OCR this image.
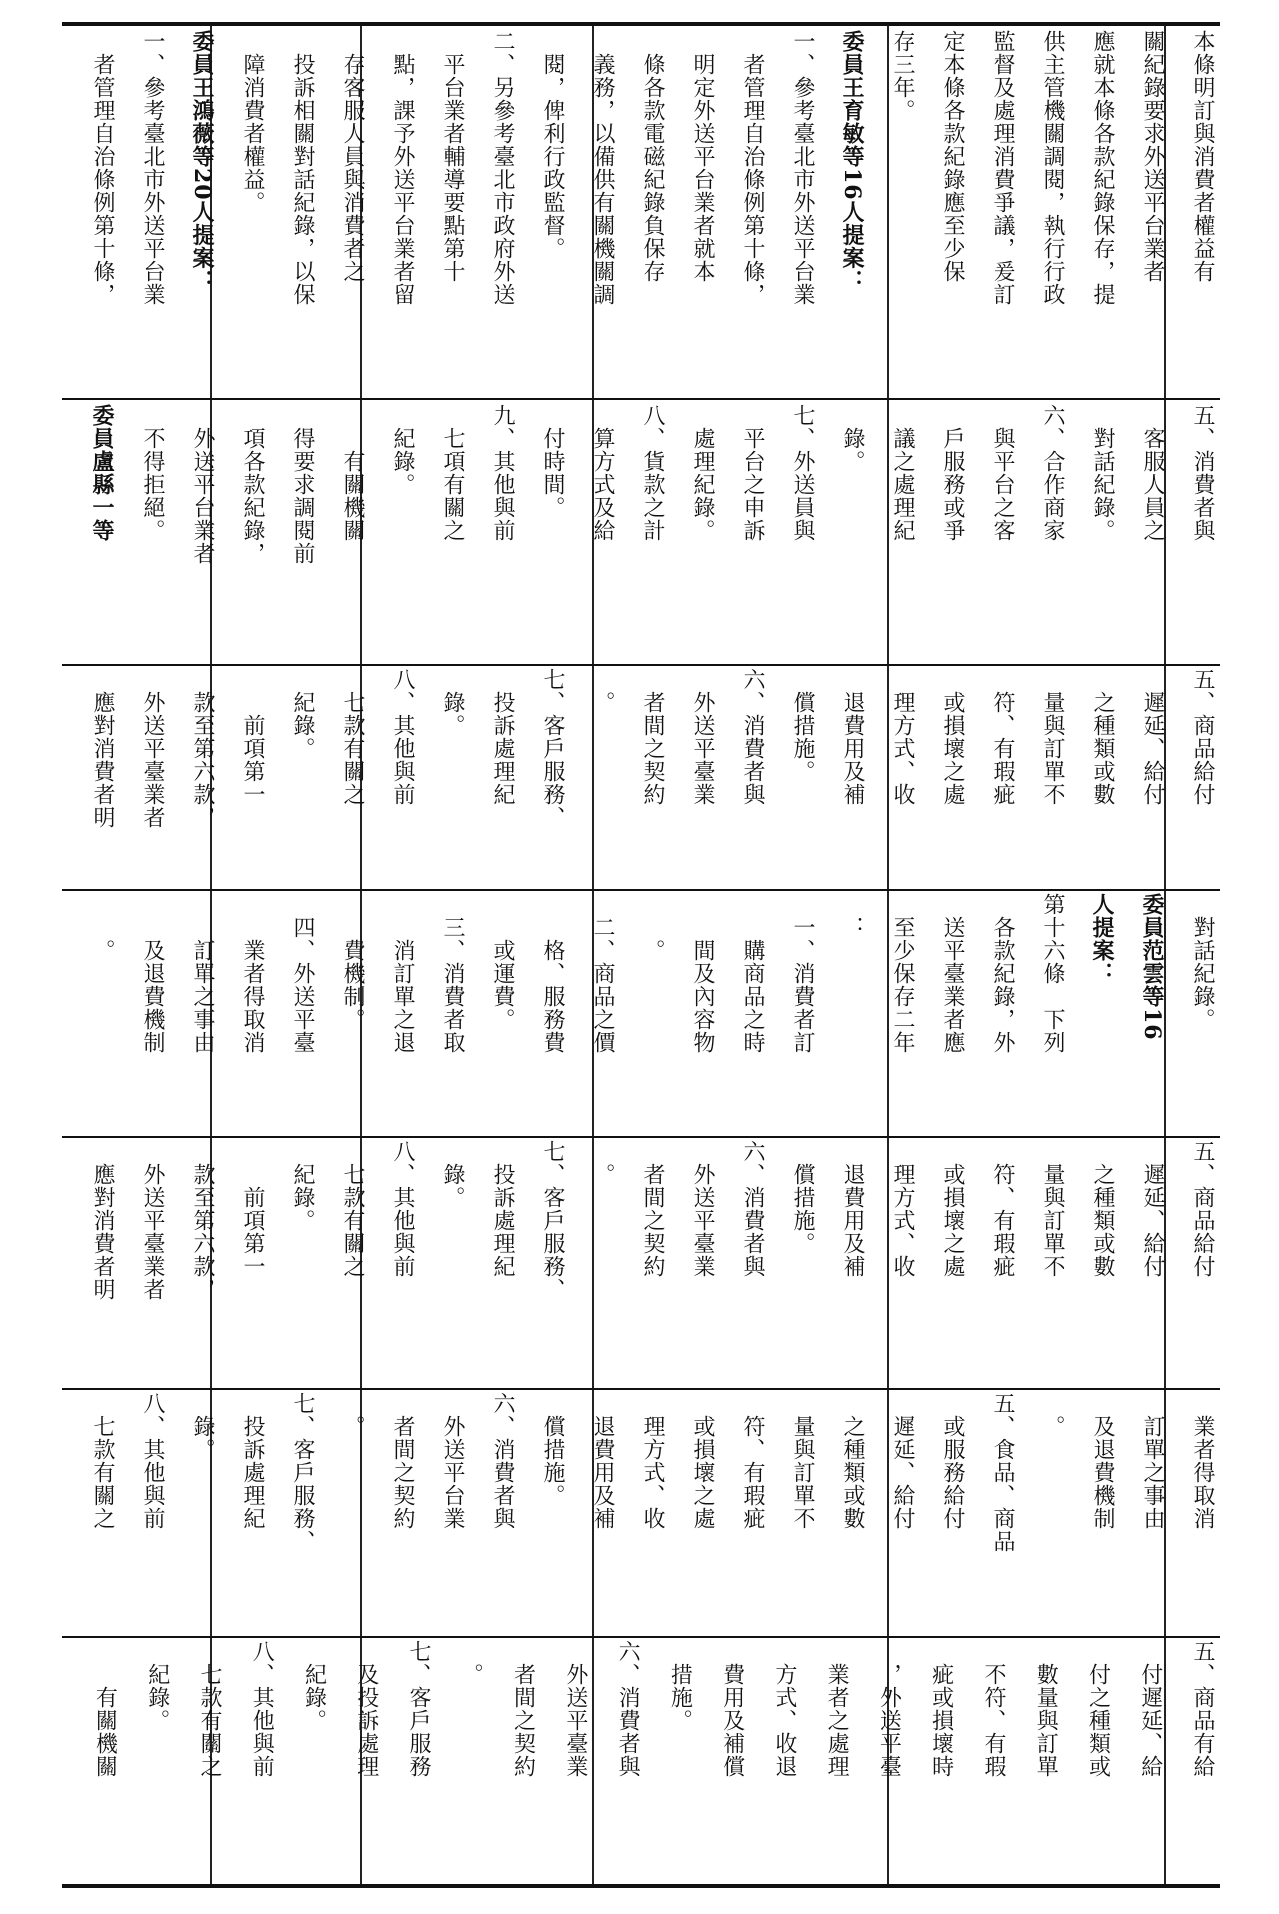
本條明訂與消費者權益有
關紀錄要求外送平台業者
應就本條各款紀錄保存，提
供主管機關調閱，執行行政
監督及處理消費爭議，爰訂
定本條各款紀錄應至少保
存三年。
委員王育敏等16人提案：
一、參考臺北市外送平台業
　者管理自治條例第十條，
　明定外送平台業者就本
　條各款電磁紀錄負保存
　義務，以備供有關機關調
　閱，俾利行政監督。
二、另參考臺北市政府外送
　平台業者輔導要點第十
　點，課予外送平台業者留
　存客服人員與消費者之
　投訴相關對話紀錄，以保
　障消費者權益。
委員王鴻薇等20人提案：
一、參考臺北市外送平台業
　者管理自治條例第十條，
五、消費者與
　客服人員之
　對話紀錄。
六、合作商家
　與平台之客
　戶服務或爭
　議之處理紀
　錄。
七、外送員與
　平台之申訴
　處理紀錄。
八、貨款之計
　算方式及給
　付時間。
九、其他與前
　七項有關之
　紀錄。
　　有關機關
　得要求調閱前
　項各款紀錄，
　外送平台業者
　不得拒絕。
委員盧縣一等
五、商品給付
　遲延、給付
　之種類或數
　量與訂單不
　符、有瑕疵
　或損壞之處
　理方式、收
　退費用及補
　償措施。
六、消費者與
　外送平臺業
　者間之契約
　。
七、客戶服務、
　投訴處理紀
　錄。
八、其他與前
　七款有關之
　紀錄。
　　前項第一
　款至第六款，
　外送平臺業者
　應對消費者明
　對話紀錄。
委員范雲等16
人提案：
第十六條　下列
　各款紀錄，外
　送平臺業者應
　至少保存二年
　：
　一、消費者訂
　　購商品之時
　　間及內容物
　　。
　二、商品之價
　　格、服務費
　　或運費。
　三、消費者取
　　消訂單之退
　　費機制。
　四、外送平臺
　　業者得取消
　　訂單之事由
　　及退費機制
　　。
五、商品給付
　遲延、給付
　之種類或數
　量與訂單不
　符、有瑕疵
　或損壞之處
　理方式、收
　退費用及補
　償措施。
六、消費者與
　外送平臺業
　者間之契約
　。
七、客戶服務、
　投訴處理紀
　錄。
八、其他與前
　七款有關之
　紀錄。
　　前項第一
　款至第六款，
　外送平臺業者
　應對消費者明
　業者得取消
　訂單之事由
　及退費機制
　。
五、食品、商品
　或服務給付
　遲延、給付
　之種類或數
　量與訂單不
　符、有瑕疵
　或損壞之處
　理方式、收
　退費用及補
　償措施。
六、消費者與
　外送平台業
　者間之契約
　。
七、客戶服務、
　投訴處理紀
　錄。
八、其他與前
　七款有關之
五、商品有給
　付遲延、給
　付之種類或
　數量與訂單
　不符、有瑕
　疵或損壞時
　，外送平臺
　業者之處理
　方式、收退
　費用及補償
　措施。
六、消費者與
　外送平臺業
　者間之契約
　。
七、客戶服務
　及投訴處理
　紀錄。
八、其他與前
　七款有關之
　紀錄。
　　有關機關
